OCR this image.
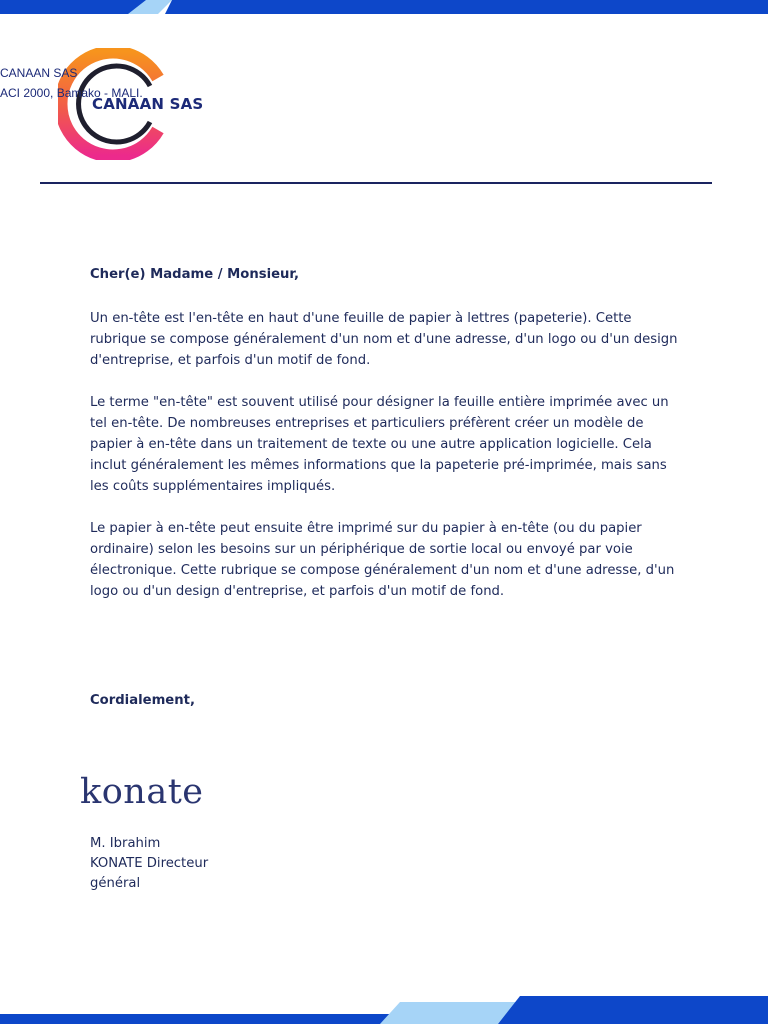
CANAAN SAS
CANAAN SAS
ACI 2000, Bamako - MALI.

Cher(e) Madame / Monsieur,

Un en-tête est l'en-tête en haut d'une feuille de papier à lettres (papeterie). Cette rubrique se compose généralement d'un nom et d'une adresse, d'un logo ou d'un design d'entreprise, et parfois d'un motif de fond.

Le terme "en-tête" est souvent utilisé pour désigner la feuille entière imprimée avec un tel en-tête. De nombreuses entreprises et particuliers préfèrent créer un modèle de papier à en-tête dans un traitement de texte ou une autre application logicielle. Cela inclut généralement les mêmes informations que la papeterie pré-imprimée, mais sans les coûts supplémentaires impliqués.

Le papier à en-tête peut ensuite être imprimé sur du papier à en-tête (ou du papier ordinaire) selon les besoins sur un périphérique de sortie local ou envoyé par voie électronique. Cette rubrique se compose généralement d'un nom et d'une adresse, d'un logo ou d'un design d'entreprise, et parfois d'un motif de fond.

Cordialement,
konate
M. Ibrahim
KONATE Directeur
général
